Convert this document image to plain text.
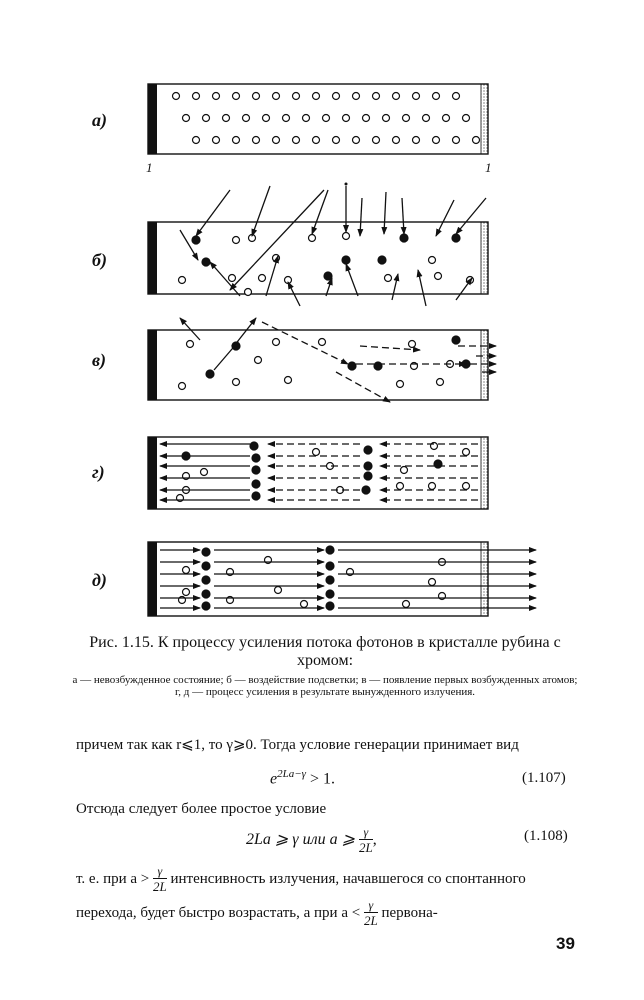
а)
б)
в)
г)
д)
1	1
Рис. 1.15. К процессу усиления потока фотонов в кристалле рубина с хромом:
а — невозбужденное состояние; б — воздействие подсветки; в — появление первых возбужденных атомов; г, д — процесс усиления в результате вынужденного излучения.
причем так как r⩽1, то γ⩾0. Тогда условие генерации принимает вид
$e^{2La-\gamma} > 1$.	(1.107)
Отсюда следует более простое условие
2La ⩾ γ или a ⩾ $\frac{\gamma}{2L}$ ,	(1.108)
т. е. при $a > \frac{\gamma}{2L}$ интенсивность излучения, начавшегося со спонтанного перехода, будет быстро возрастать, а при $a < \frac{\gamma}{2L}$ первона-
39
